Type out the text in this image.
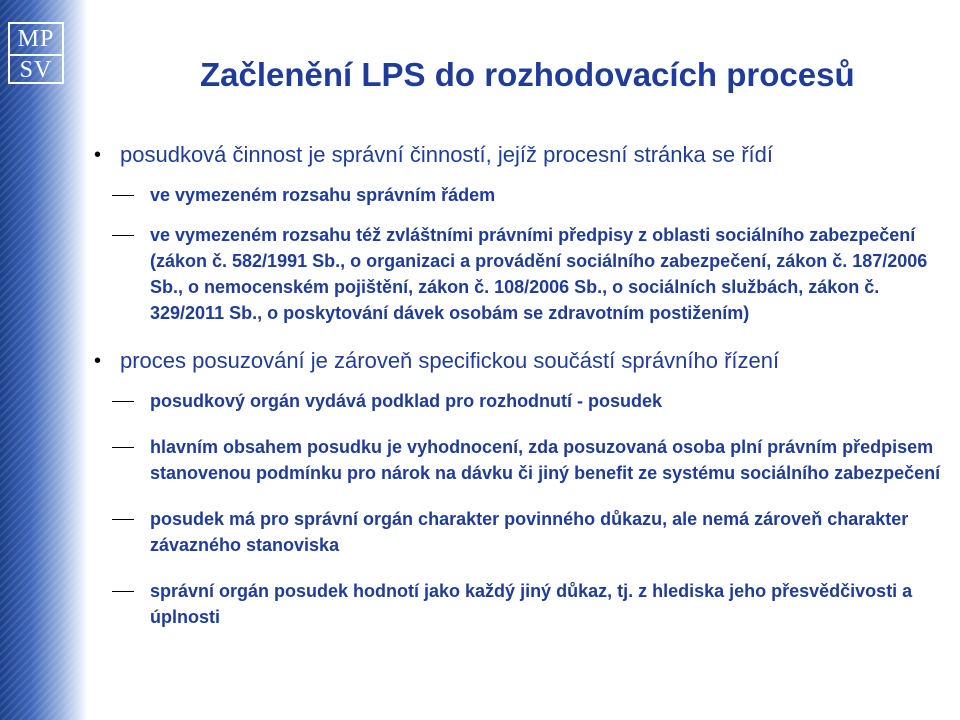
MP
SV	Začlenění LPS do rozhodovacích procesů
• posudková činnost je správní činností, jejíž procesní stránka se řídí
ve vymezeném rozsahu správním řádem
ve vymezeném rozsahu též zvláštními právními předpisy z oblasti sociálního zabezpečení (zákon č. 582/1991 Sb., o organizaci a provádění sociálního zabezpečení, zákon č. 187/2006 Sb., o nemocenském pojištění, zákon č. 108/2006 Sb., o sociálních službách, zákon č. 329/2011 Sb., o poskytování dávek osobám se zdravotním postižením)
• proces posuzování je zároveň specifickou součástí správního řízení
posudkový orgán vydává podklad pro rozhodnutí - posudek
hlavním obsahem posudku je vyhodnocení, zda posuzovaná osoba plní právním předpisem stanovenou podmínku pro nárok na dávku či jiný benefit ze systému sociálního zabezpečení
posudek má pro správní orgán charakter povinného důkazu, ale nemá zároveň charakter závazného stanoviska
správní orgán posudek hodnotí jako každý jiný důkaz, tj. z hlediska jeho přesvědčivosti a úplnosti
